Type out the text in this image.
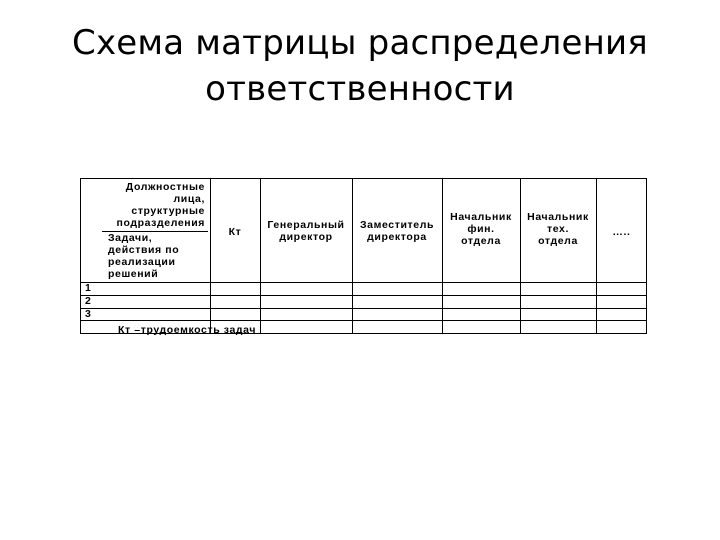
Схема матрицы распределения
ответственности
Должностные
лица,
структурные
подразделения
Задачи,
действия по
реализации
решений
Кт
Генеральный
директор
Заместитель
директора
Начальник
фин.
отдела
Начальник
тех.
отдела
…..
1
2
3
Кт –трудоемкость задач
